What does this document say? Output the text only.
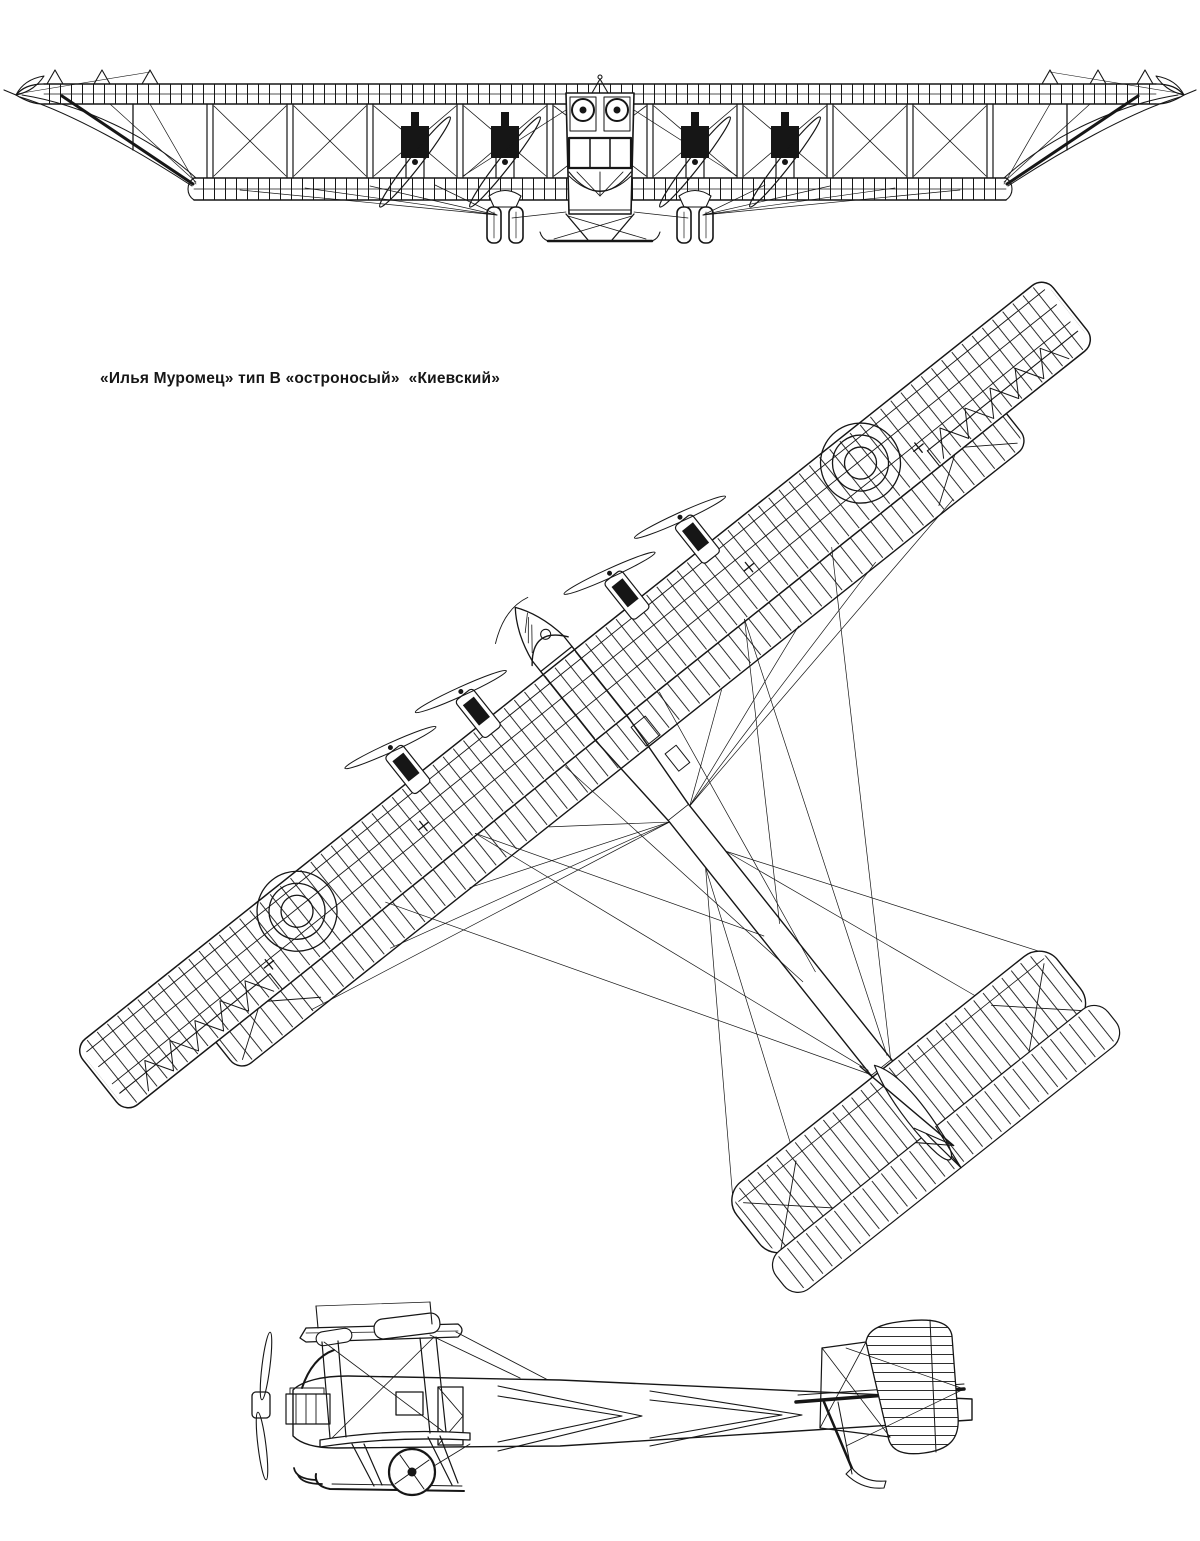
«Илья Муромец» тип В «остроносый»  «Киевский»
